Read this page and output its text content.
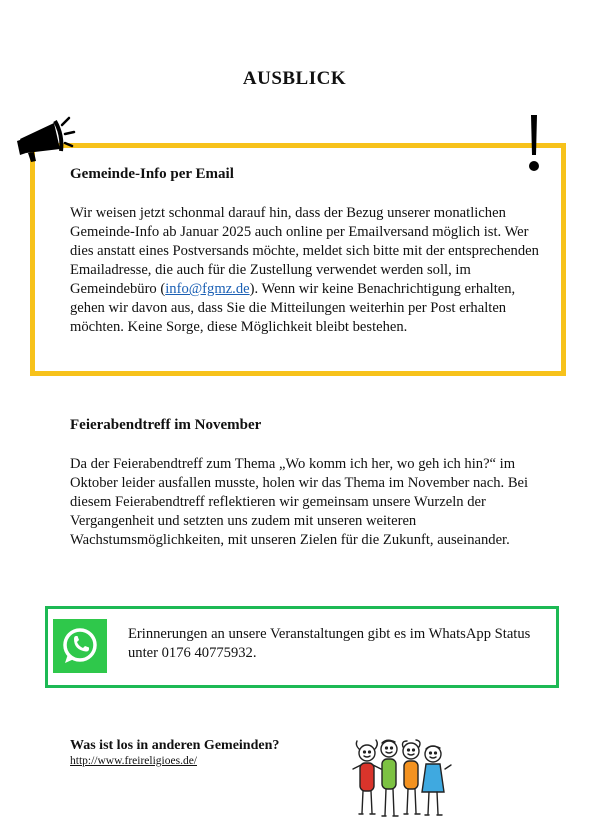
AUSBLICK
Gemeinde-Info per Email
Wir weisen jetzt schonmal darauf hin, dass der Bezug unserer monatlichen Gemeinde-Info ab Januar 2025 auch online per Emailversand möglich ist. Wer dies anstatt eines Postversands möchte, meldet sich bitte mit der entsprechenden Emailadresse, die auch für die Zustellung verwendet werden soll, im Gemeindebüro (info@fgmz.de). Wenn wir keine Benachrichtigung erhalten, gehen wir davon aus, dass Sie die Mitteilungen weiterhin per Post erhalten möchten. Keine Sorge, diese Möglichkeit bleibt bestehen.
Feierabendtreff im November
Da der Feierabendtreff zum Thema „Wo komm ich her, wo geh ich hin?“ im Oktober leider ausfallen musste, holen wir das Thema im November nach. Bei diesem Feierabendtreff reflektieren wir gemeinsam unsere Wurzeln der Vergangenheit und setzten uns zudem mit unseren weiteren Wachstumsmöglichkeiten, mit unseren Zielen für die Zukunft, auseinander.
Erinnerungen an unsere Veranstaltungen gibt es im WhatsApp Status unter 0176 40775932.
Was ist los in anderen Gemeinden?
http://www.freireligioes.de/
